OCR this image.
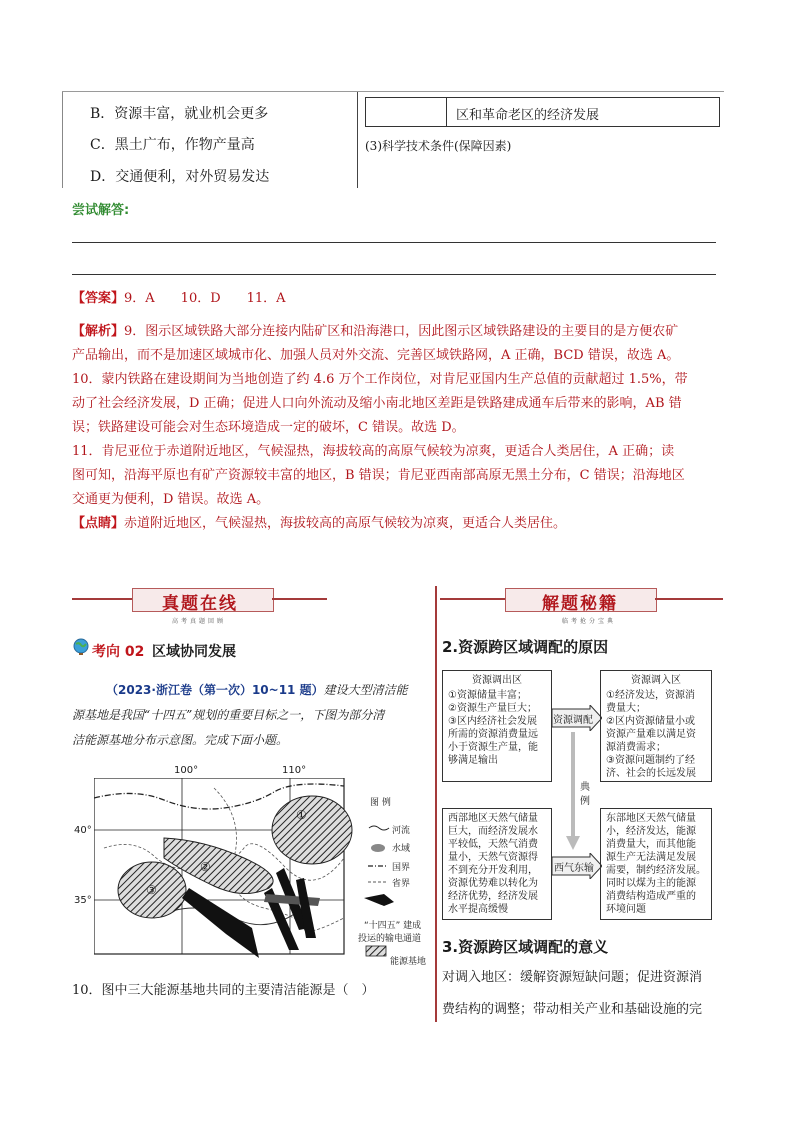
B．资源丰富，就业机会更多
C．黑土广布，作物产量高
D．交通便利，对外贸易发达
区和革命老区的经济发展
(3)科学技术条件(保障因素)
尝试解答:
【答案】9．A　　10．D　　11．A
【解析】9．图示区域铁路大部分连接内陆矿区和沿海港口，因此图示区域铁路建设的主要目的是方便农矿
产品输出，而不是加速区域城市化、加强人员对外交流、完善区域铁路网，A 正确，BCD 错误，故选 A。
10．蒙内铁路在建设期间为当地创造了约 4.6 万个工作岗位，对肯尼亚国内生产总值的贡献超过 1.5%，带
动了社会经济发展，D 正确；促进人口向外流动及缩小南北地区差距是铁路建成通车后带来的影响，AB 错
误；铁路建设可能会对生态环境造成一定的破坏，C 错误。故选 D。
11．肯尼亚位于赤道附近地区，气候湿热，海拔较高的高原气候较为凉爽，更适合人类居住，A 正确；读
图可知，沿海平原也有矿产资源较丰富的地区，B 错误；肯尼亚西南部高原无黑土分布，C 错误；沿海地区
交通更为便利，D 错误。故选 A。
【点睛】赤道附近地区，气候湿热，海拔较高的高原气候较为凉爽，更适合人类居住。
真题在线
高考真题回顾
解题秘籍
临考抢分宝典
考向 02 区域协同发展
（2023·浙江卷（第一次）10~11 题）建设大型清洁能
源基地是我国“十四五”规划的重要目标之一，下图为部分清
洁能源基地分布示意图。完成下面小题。
100°	110°
40°
35°
①
②
③
图 例
河流
水域
国界
省界
“十四五” 建成
投运的输电通道
能源基地
10．图中三大能源基地共同的主要清洁能源是（　）
2.资源跨区域调配的原因
资源调出区
①资源储量丰富；
②资源生产量巨大；
③区内经济社会发展
所需的资源消费量远
小于资源生产量，能
够满足输出
资源调配
资源调入区
①经济发达，资源消
费量大；
②区内资源储量小或
资源产量难以满足资
源消费需求；
③资源问题制约了经
济、社会的长远发展
典
例
西部地区天然气储量
巨大，而经济发展水
平较低，天然气消费
量小，天然气资源得
不到充分开发利用，
资源优势难以转化为
经济优势，经济发展
水平提高缓慢
西气东输
东部地区天然气储量
小，经济发达，能源
消费量大，而其他能
源生产无法满足发展
需要，制约经济发展。
同时以煤为主的能源
消费结构造成严重的
环境问题
3.资源跨区域调配的意义
对调入地区：缓解资源短缺问题；促进资源消
费结构的调整；带动相关产业和基础设施的完
